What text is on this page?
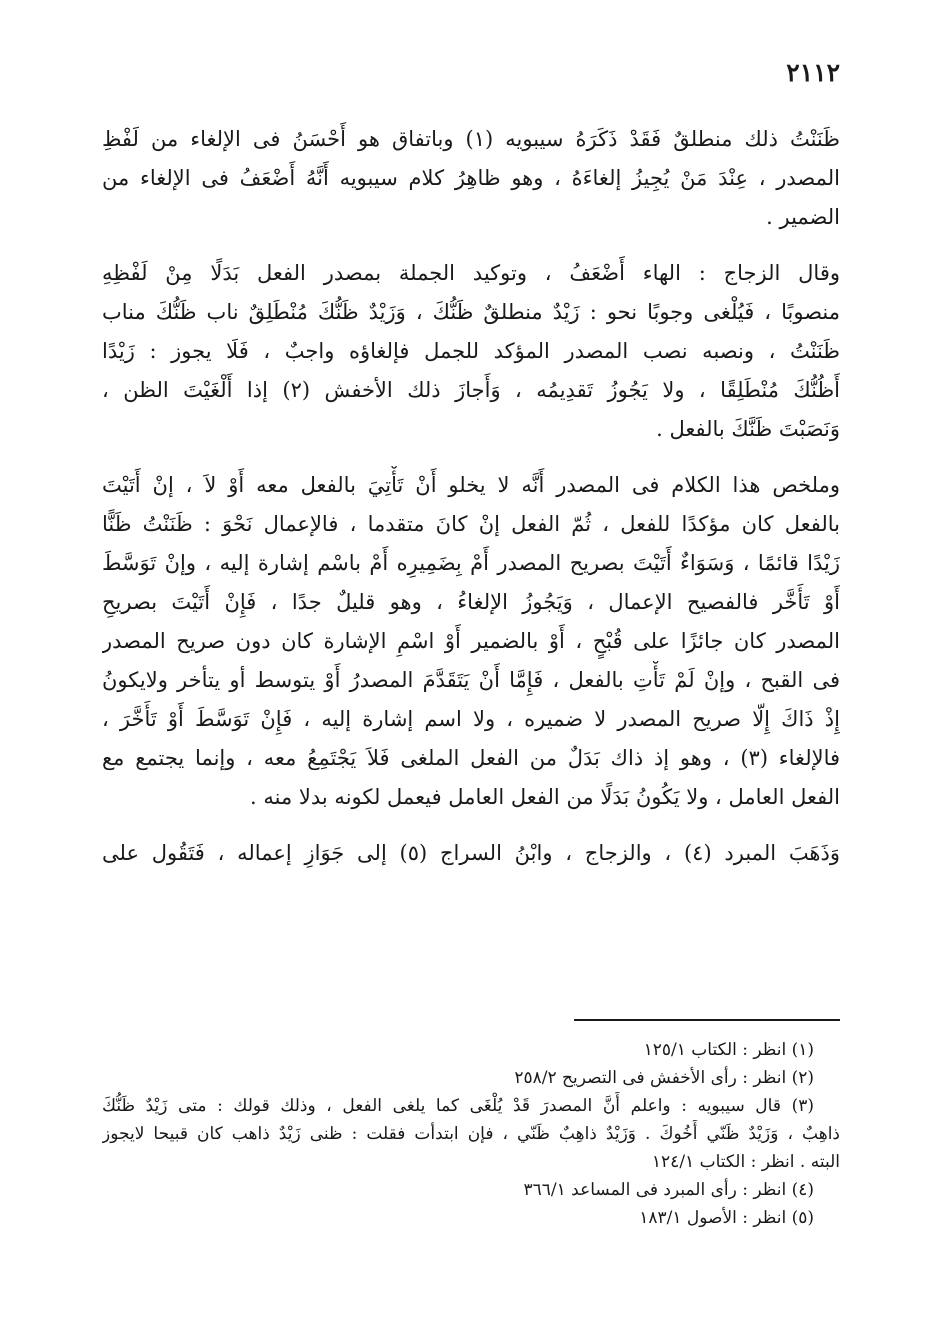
٢١١٢
ظَنَنْتُ ذلك منطلقٌ فَقَدْ ذَكَرَهُ سيبويه (١) وباتفاق هو أَحْسَنُ فى الإلغاء من لَفْظِ
المصدر ، عِنْدَ مَنْ يُجِيزُ إلغاءَهُ ، وهو ظاهِرُ كلام سيبويه أَنَّهُ أَضْعَفُ فى الإلغاء من
الضمير .
وقال الزجاج : الهاء أَضْعَفُ ، وتوكيد الجملة بمصدر الفعل بَدَلًا مِنْ لَفْظِهِ
منصوبًا ، فَيُلْغى وجوبًا نحو : زَيْدٌ منطلقٌ ظَنُّكَ ، وَزَيْدٌ ظَنُّكَ مُنْطَلِقٌ ناب ظَنُّكَ مناب
ظَنَنْتُ ، ونصبه نصب المصدر المؤكد للجمل فإلغاؤه واجبٌ ، فَلَا يجوز : زَيْدًا
أَظُنُّكَ مُنْطَلِقًا ، ولا يَجُوزُ تَقدِيمُه ، وَأَجازَ ذلك الأخفش (٢) إذا أَلْغَيْتَ الظن ،
وَنَصَبْتَ ظَنَّكَ بالفعل .
وملخص هذا الكلام فى المصدر أَنَّه لا يخلو أَنْ تَأْتِيَ بالفعل معه أَوْ لاَ ، إنْ أَتَيْتَ
بالفعل كان مؤكدًا للفعل ، ثُمّ الفعل إنْ كانَ متقدما ، فالإعمال نَحْوَ : ظَنَنْتُ ظَنًّا
زَيْدًا قائمًا ، وَسَوَاءٌ أَتَيْتَ بصريح المصدر أَمْ بِضَمِيرِه أَمْ باسْم إشارة إليه ، وإنْ تَوَسَّطَ
أَوْ تَأَخَّر فالفصيح الإعمال ، وَيَجُوزُ الإلغاءُ ، وهو قليلٌ جدًا ، فَإِنْ أَتَيْتَ بصريحِ
المصدر كان جائزًا على قُبْحٍ ، أَوْ بالضمير أَوْ اسْمِ الإشارة كان دون صريح المصدر
فى القبح ، وإنْ لَمْ تَأْتِ بالفعل ، فَإِمَّا أَنْ يَتَقَدَّمَ المصدرُ أَوْ يتوسط أو يتأخر ولايكونُ
إِذْ ذَاكَ إِلّا صريح المصدر لا ضميره ، ولا اسم إشارة إليه ، فَإِنْ تَوَسَّطَ أَوْ تَأَخَّرَ ،
فالإلغاء (٣) ، وهو إذ ذاك بَدَلٌ من الفعل الملغى فَلاَ يَجْتَمِعُ معه ، وإنما يجتمع مع
الفعل العامل ، ولا يَكُونُ بَدَلًا من الفعل العامل فيعمل لكونه بدلا منه .
وَذَهَبَ المبرد (٤) ، والزجاج ، وابْنُ السراج (٥) إلى جَوَازِ إعماله ، فَتَقُول على
(١) انظر : الكتاب ١٢٥/١
(٢) انظر : رأى الأخفش فى التصريح ٢٥٨/٢
(٣) قال سيبويه : واعلم أَنَّ المصدرَ قَدْ يُلْغَى كما يلغى الفعل ، وذلك قولك : متى زَيْدٌ ظَنُّكَ
ذاهِبٌ ، وَزَيْدٌ ظَنّي أَخُوكَ . وَزَيْدٌ ذاهِبٌ ظَنّي ، فإن ابتدأت فقلت : ظنى زَيْدٌ ذاهب كان قبيحا لايجوز
البته . انظر : الكتاب ١٢٤/١
(٤) انظر : رأى المبرد فى المساعد ٣٦٦/١
(٥) انظر : الأصول ١٨٣/١
